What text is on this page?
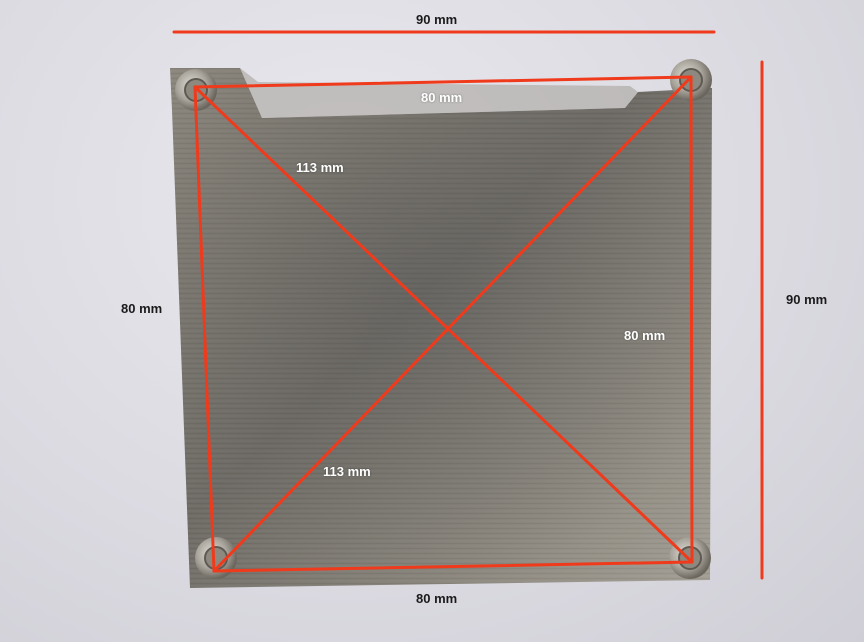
90 mm
90 mm
80 mm
80 mm
80 mm
80 mm
113 mm
113 mm
